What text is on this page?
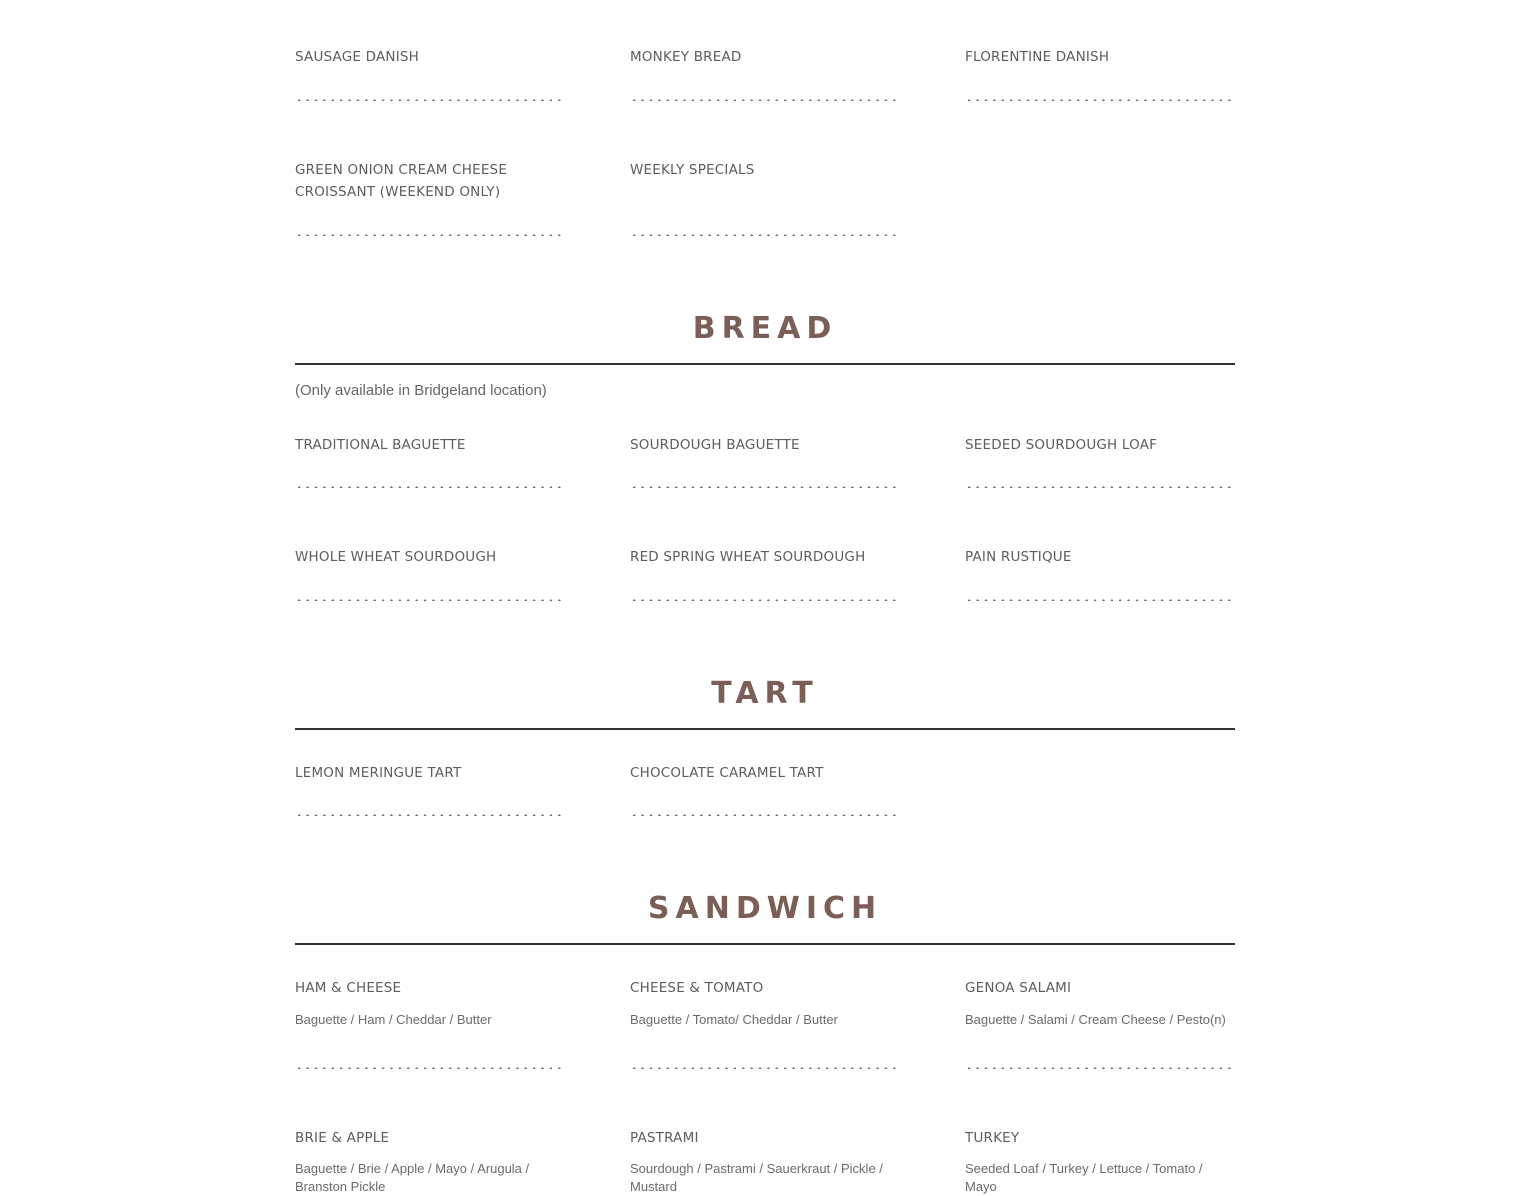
SAUSAGE DANISH	MONKEY BREAD	FLORENTINE DANISH
GREEN ONION CREAM CHEESE CROISSANT (WEEKEND ONLY)
WEEKLY SPECIALS
BREAD
(Only available in Bridgeland location)
TRADITIONAL BAGUETTE	SOURDOUGH BAGUETTE	SEEDED SOURDOUGH LOAF
WHOLE WHEAT SOURDOUGH	RED SPRING WHEAT SOURDOUGH	PAIN RUSTIQUE
TART
LEMON MERINGUE TART	CHOCOLATE CARAMEL TART
SANDWICH
HAM & CHEESE
Baguette / Ham / Cheddar / Butter
CHEESE & TOMATO
Baguette / Tomato/ Cheddar / Butter
GENOA SALAMI
Baguette / Salami / Cream Cheese / Pesto(n)
BRIE & APPLE
Baguette / Brie / Apple / Mayo / Arugula / Branston Pickle
PASTRAMI
Sourdough / Pastrami / Sauerkraut / Pickle / Mustard
TURKEY
Seeded Loaf / Turkey / Lettuce / Tomato / Mayo
